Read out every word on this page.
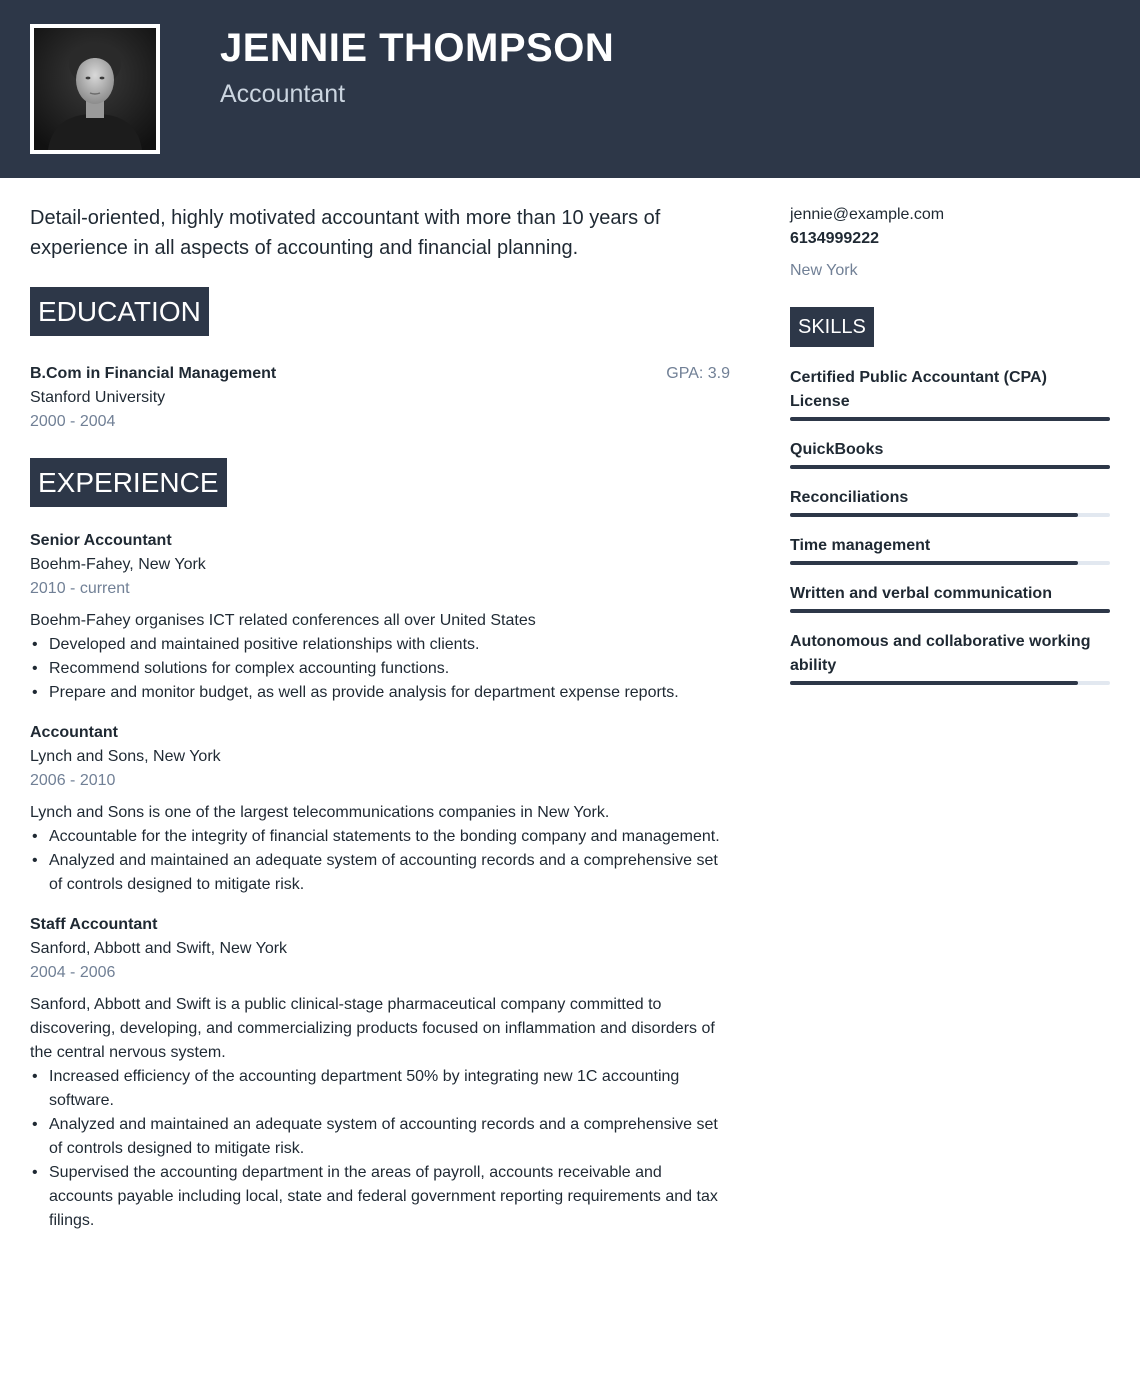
JENNIE THOMPSON
Accountant

Detail-oriented, highly motivated accountant with more than 10 years of experience in all aspects of accounting and financial planning.

EDUCATION
B.Com in Financial Management	GPA: 3.9
Stanford University
2000 - 2004
EXPERIENCE
Senior Accountant
Boehm-Fahey, New York
2010 - current
Boehm-Fahey organises ICT related conferences all over United States
• Developed and maintained positive relationships with clients.
• Recommend solutions for complex accounting functions.
• Prepare and monitor budget, as well as provide analysis for department expense reports.
Accountant
Lynch and Sons, New York
2006 - 2010
Lynch and Sons is one of the largest telecommunications companies in New York.
• Accountable for the integrity of financial statements to the bonding company and management.
• Analyzed and maintained an adequate system of accounting records and a comprehensive set of controls designed to mitigate risk.
Staff Accountant
Sanford, Abbott and Swift, New York
2004 - 2006
Sanford, Abbott and Swift is a public clinical-stage pharmaceutical company committed to discovering, developing, and commercializing products focused on inflammation and disorders of the central nervous system.
• Increased efficiency of the accounting department 50% by integrating new 1C accounting software.
• Analyzed and maintained an adequate system of accounting records and a comprehensive set of controls designed to mitigate risk.
• Supervised the accounting department in the areas of payroll, accounts receivable and accounts payable including local, state and federal government reporting requirements and tax filings.
jennie@example.com
6134999222
New York
SKILLS
Certified Public Accountant (CPA) License
QuickBooks
Reconciliations
Time management
Written and verbal communication
Autonomous and collaborative working ability
